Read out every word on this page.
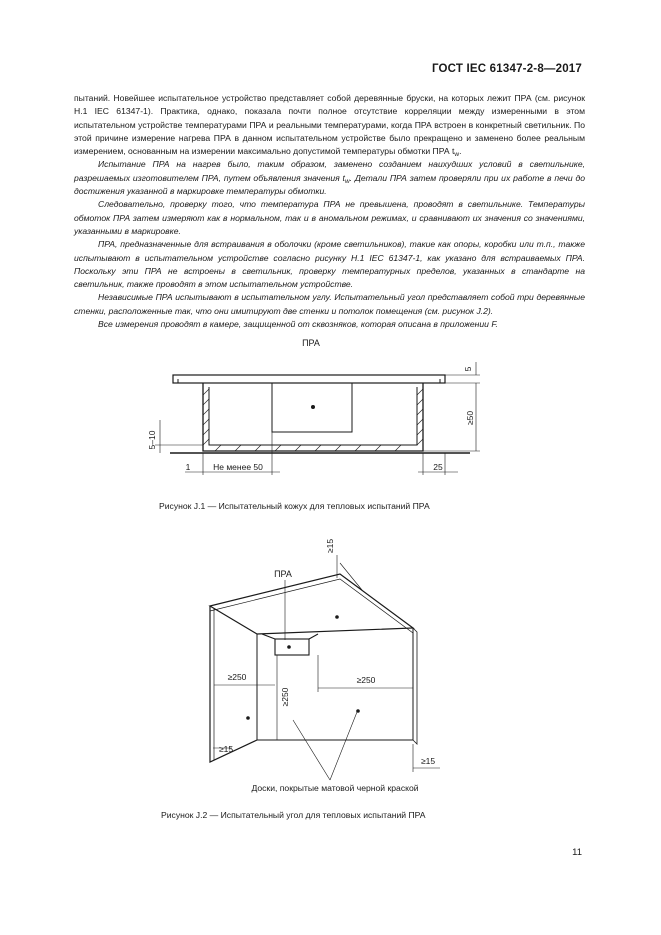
ГОСТ IEC 61347-2-8—2017

пытаний. Новейшее испытательное устройство представляет собой деревянные бруски, на которых лежит ПРА (см. рисунок H.1 IEC 61347-1). Практика, однако, показала почти полное отсутствие корреляции между измеренными в этом испытательном устройстве температурами ПРА и реальными температурами, когда ПРА встроен в конкретный светильник. По этой причине измерение нагрева ПРА в данном испытательном устройстве было прекращено и заменено более реальным измерением, основанным на измерении максимально допустимой температуры обмотки ПРА $t_w$.

Испытание ПРА на нагрев было, таким образом, заменено созданием наихудших условий в светильнике, разрешаемых изготовителем ПРА, путем объявления значения $t_w$. Детали ПРА затем проверяли при их работе в печи до достижения указанной в маркировке температуры обмотки.

Следовательно, проверку того, что температура ПРА не превышена, проводят в светильнике. Температуры обмоток ПРА затем измеряют как в нормальном, так и в аномальном режимах, и сравнивают их значения со значениями, указанными в маркировке.

ПРА, предназначенные для встраивания в оболочки (кроме светильников), такие как опоры, коробки или т.п., также испытывают в испытательном устройстве согласно рисунку H.1 IEC 61347-1, как указано для встраиваемых ПРА. Поскольку эти ПРА не встроены в светильник, проверку температурных пределов, указанных в стандарте на светильник, также проводят в этом испытательном устройстве.

Независимые ПРА испытывают в испытательном углу. Испытательный угол представляет собой три деревянные стенки, расположенные так, что они имитируют две стенки и потолок помещения (см. рисунок J.2).

Все измерения проводят в камере, защищенной от сквозняков, которая описана в приложении F.

ПРА
5
≥50
5–10
1	Не менее 50	25
Рисунок J.1 — Испытательный кожух для тепловых испытаний ПРА
ПРА
≥15
≥250
≥250
≥250
≥15
≥15
Доски, покрытые матовой черной краской
Рисунок J.2 — Испытательный угол для тепловых испытаний ПРА
11
